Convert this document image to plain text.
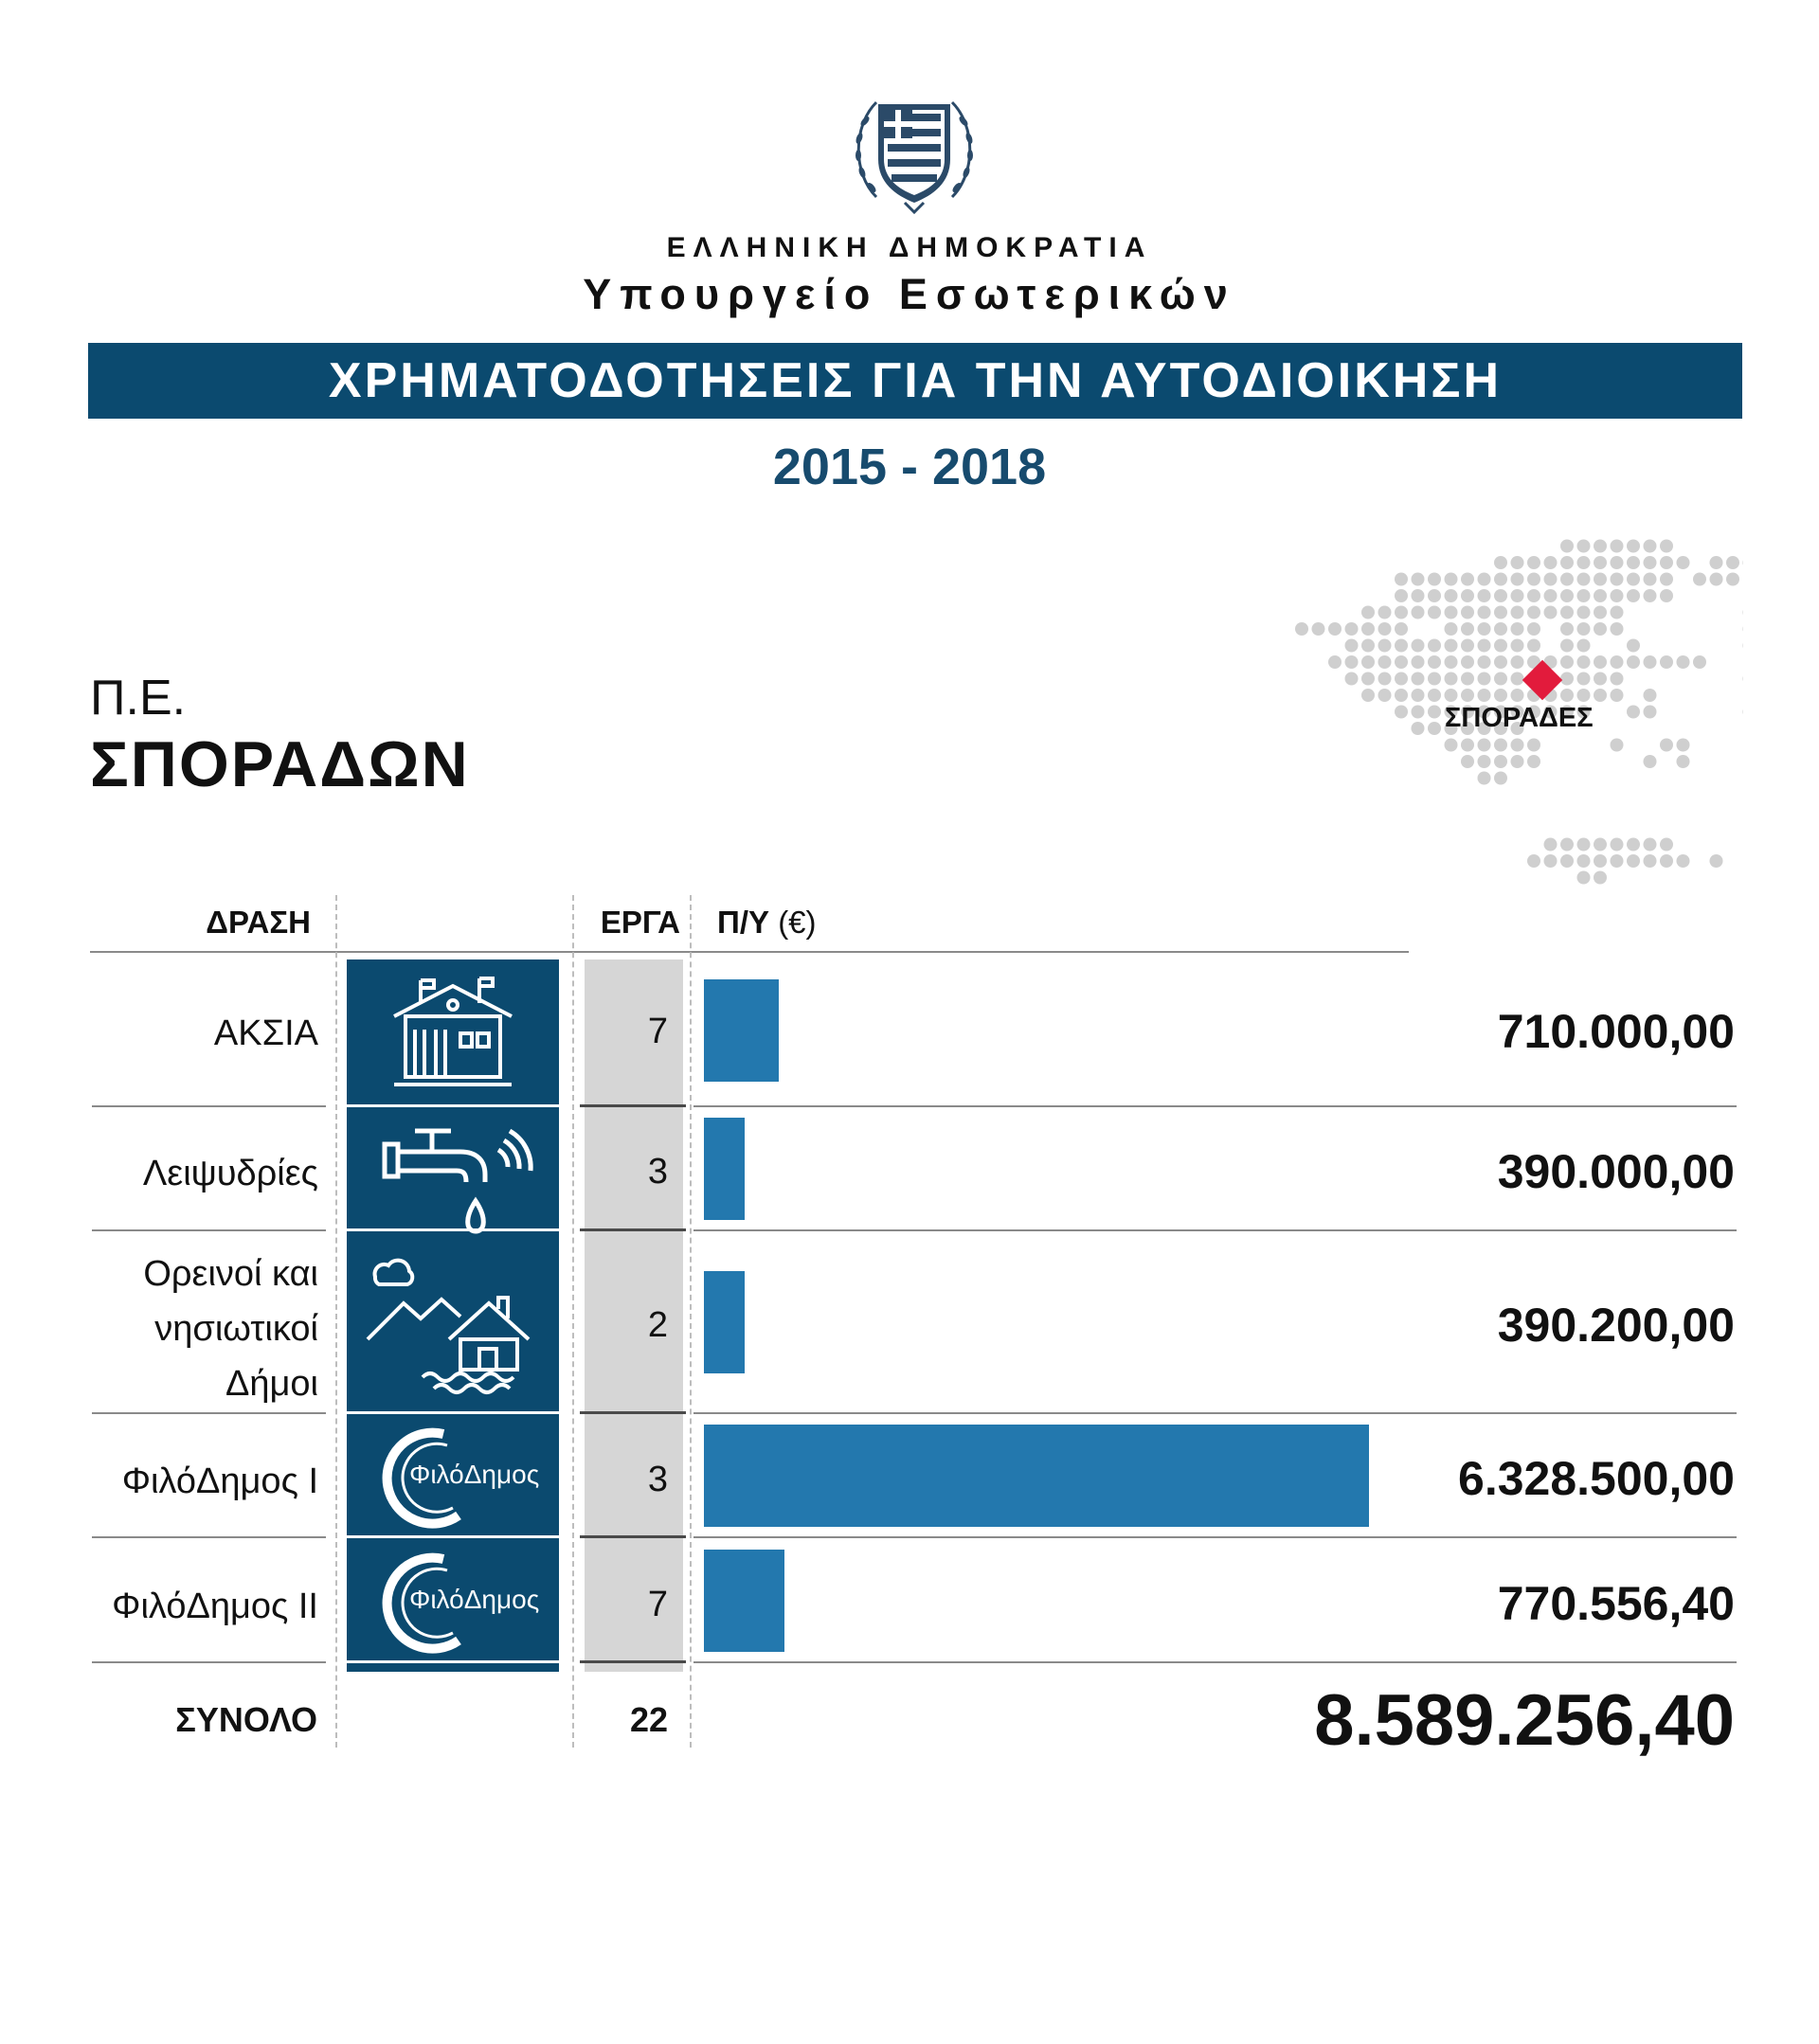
ΕΛΛΗΝΙΚΗ ΔΗΜΟΚΡΑΤΙΑ
Υπουργείο Εσωτερικών
ΧΡΗΜΑΤΟΔΟΤΗΣΕΙΣ ΓΙΑ ΤΗΝ ΑΥΤΟΔΙΟΙΚΗΣΗ
2015 - 2018
Π.Ε.
ΣΠΟΡΑΔΩΝ
ΣΠΟΡΑΔΕΣ
ΔΡΑΣΗ	ΕΡΓΑ Π/Υ (€)
ΑΚΣΙΑ	7	710.000,00
Λειψυδρίες	3	390.000,00
Ορεινοί και
νησιωτικοί
Δήμοι
2	390.200,00
ΦιλόΔημος Ι	ΦιλόΔημος	3	6.328.500,00
ΦιλόΔημος ΙΙ	ΦιλόΔημος	7	770.556,40
ΣΥΝΟΛΟ	22	8.589.256,40
